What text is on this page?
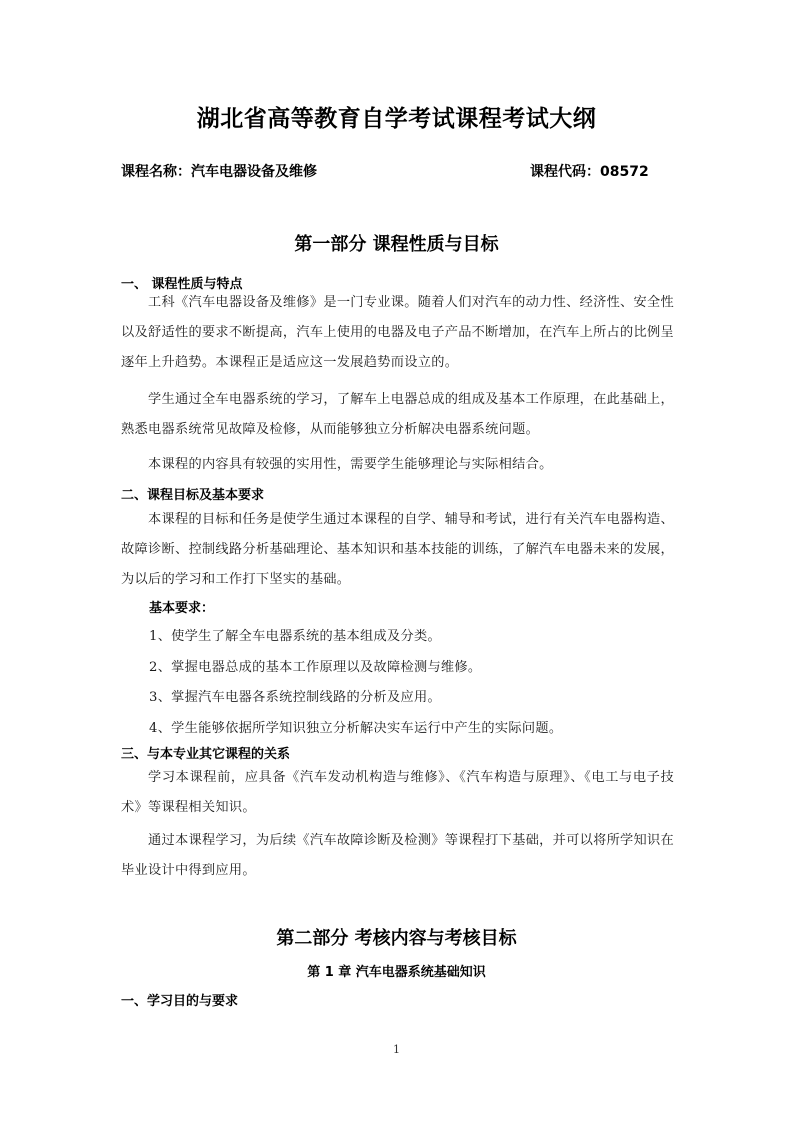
湖北省高等教育自学考试课程考试大纲
课程名称：汽车电器设备及维修	课程代码：08572
第一部分 课程性质与目标
一、 课程性质与特点

工科《汽车电器设备及维修》是一门专业课。随着人们对汽车的动力性、经济性、安全性以及舒适性的要求不断提高，汽车上使用的电器及电子产品不断增加，在汽车上所占的比例呈逐年上升趋势。本课程正是适应这一发展趋势而设立的。

学生通过全车电器系统的学习，了解车上电器总成的组成及基本工作原理，在此基础上，熟悉电器系统常见故障及检修，从而能够独立分析解决电器系统问题。

本课程的内容具有较强的实用性，需要学生能够理论与实际相结合。

二、课程目标及基本要求

本课程的目标和任务是使学生通过本课程的自学、辅导和考试，进行有关汽车电器构造、故障诊断、控制线路分析基础理论、基本知识和基本技能的训练，了解汽车电器未来的发展，为以后的学习和工作打下坚实的基础。

基本要求：
1、使学生了解全车电器系统的基本组成及分类。
2、掌握电器总成的基本工作原理以及故障检测与维修。
3、掌握汽车电器各系统控制线路的分析及应用。
4、学生能够依据所学知识独立分析解决实车运行中产生的实际问题。
三、与本专业其它课程的关系

学习本课程前，应具备《汽车发动机构造与维修》、《汽车构造与原理》、《电工与电子技术》等课程相关知识。

通过本课程学习，为后续《汽车故障诊断及检测》等课程打下基础，并可以将所学知识在毕业设计中得到应用。

第二部分 考核内容与考核目标
第 1 章 汽车电器系统基础知识
一、学习目的与要求
1
